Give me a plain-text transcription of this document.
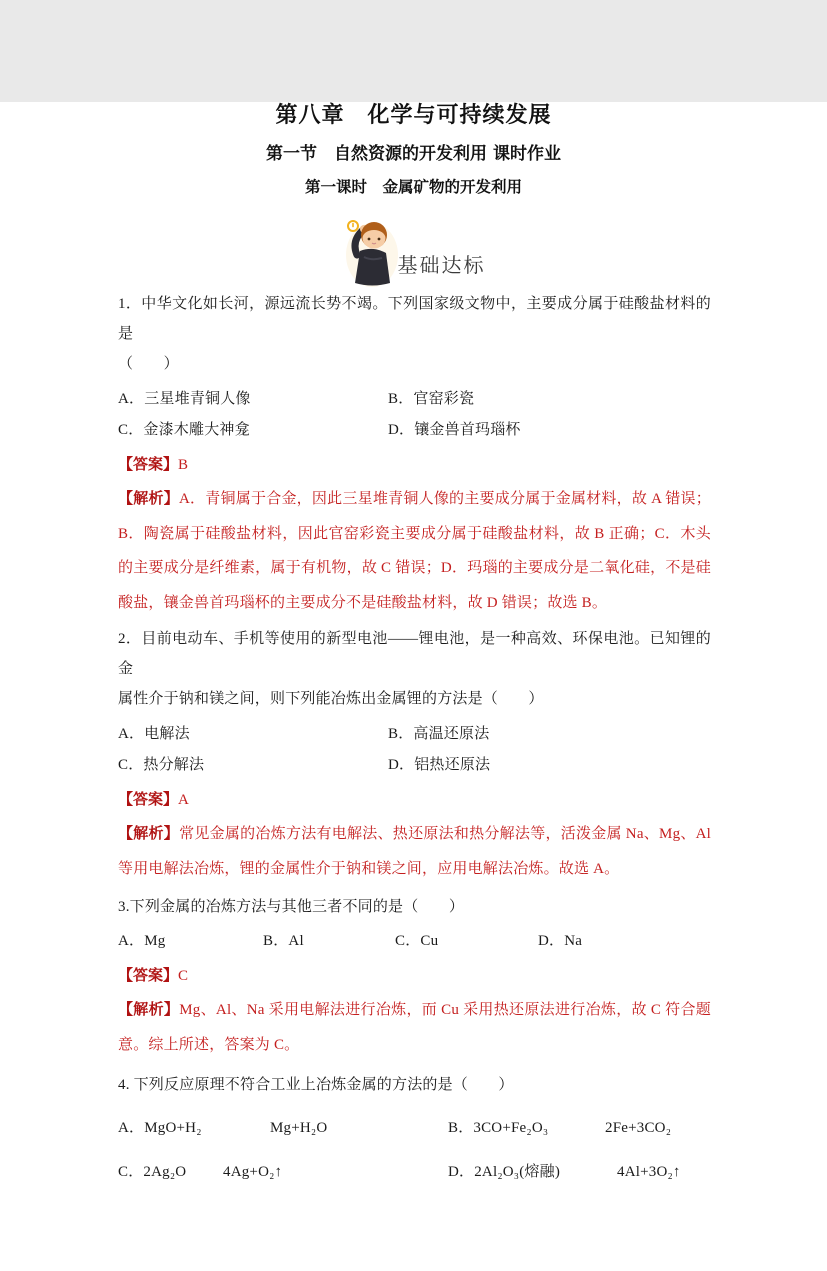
第八章　化学与可持续发展
第一节　自然资源的开发利用 课时作业
第一课时　金属矿物的开发利用
基础达标
1．中华文化如长河，源远流长势不竭。下列国家级文物中，主要成分属于硅酸盐材料的是
（　　）
A．三星堆青铜人像	B．官窑彩瓷
C．金漆木雕大神龛	D．镶金兽首玛瑙杯
【答案】B
【解析】A．青铜属于合金，因此三星堆青铜人像的主要成分属于金属材料，故 A 错误；B．陶瓷属于硅酸盐材料，因此官窑彩瓷主要成分属于硅酸盐材料，故 B 正确；C．木头的主要成分是纤维素，属于有机物，故 C 错误；D．玛瑙的主要成分是二氧化硅，不是硅酸盐，镶金兽首玛瑙杯的主要成分不是硅酸盐材料，故 D 错误；故选 B。
2．目前电动车、手机等使用的新型电池——锂电池，是一种高效、环保电池。已知锂的金
属性介于钠和镁之间，则下列能冶炼出金属锂的方法是（　　）
A．电解法	B．高温还原法
C．热分解法	D．铝热还原法
【答案】A
【解析】常见金属的冶炼方法有电解法、热还原法和热分解法等，活泼金属 Na、Mg、Al 等用电解法冶炼，锂的金属性介于钠和镁之间，应用电解法冶炼。故选 A。
3.下列金属的冶炼方法与其他三者不同的是（　　）
A．Mg	B．Al	C．Cu	D．Na
【答案】C
【解析】Mg、Al、Na 采用电解法进行冶炼，而 Cu 采用热还原法进行冶炼，故 C 符合题意。综上所述，答案为 C。
4. 下列反应原理不符合工业上冶炼金属的方法的是（　　）
A．MgO+H₂	Mg+H₂O	B．3CO+Fe₂O₃	2Fe+3CO₂
C．2Ag₂O	4Ag+O₂↑	D．2Al₂O₃(熔融)	4Al+3O₂↑
